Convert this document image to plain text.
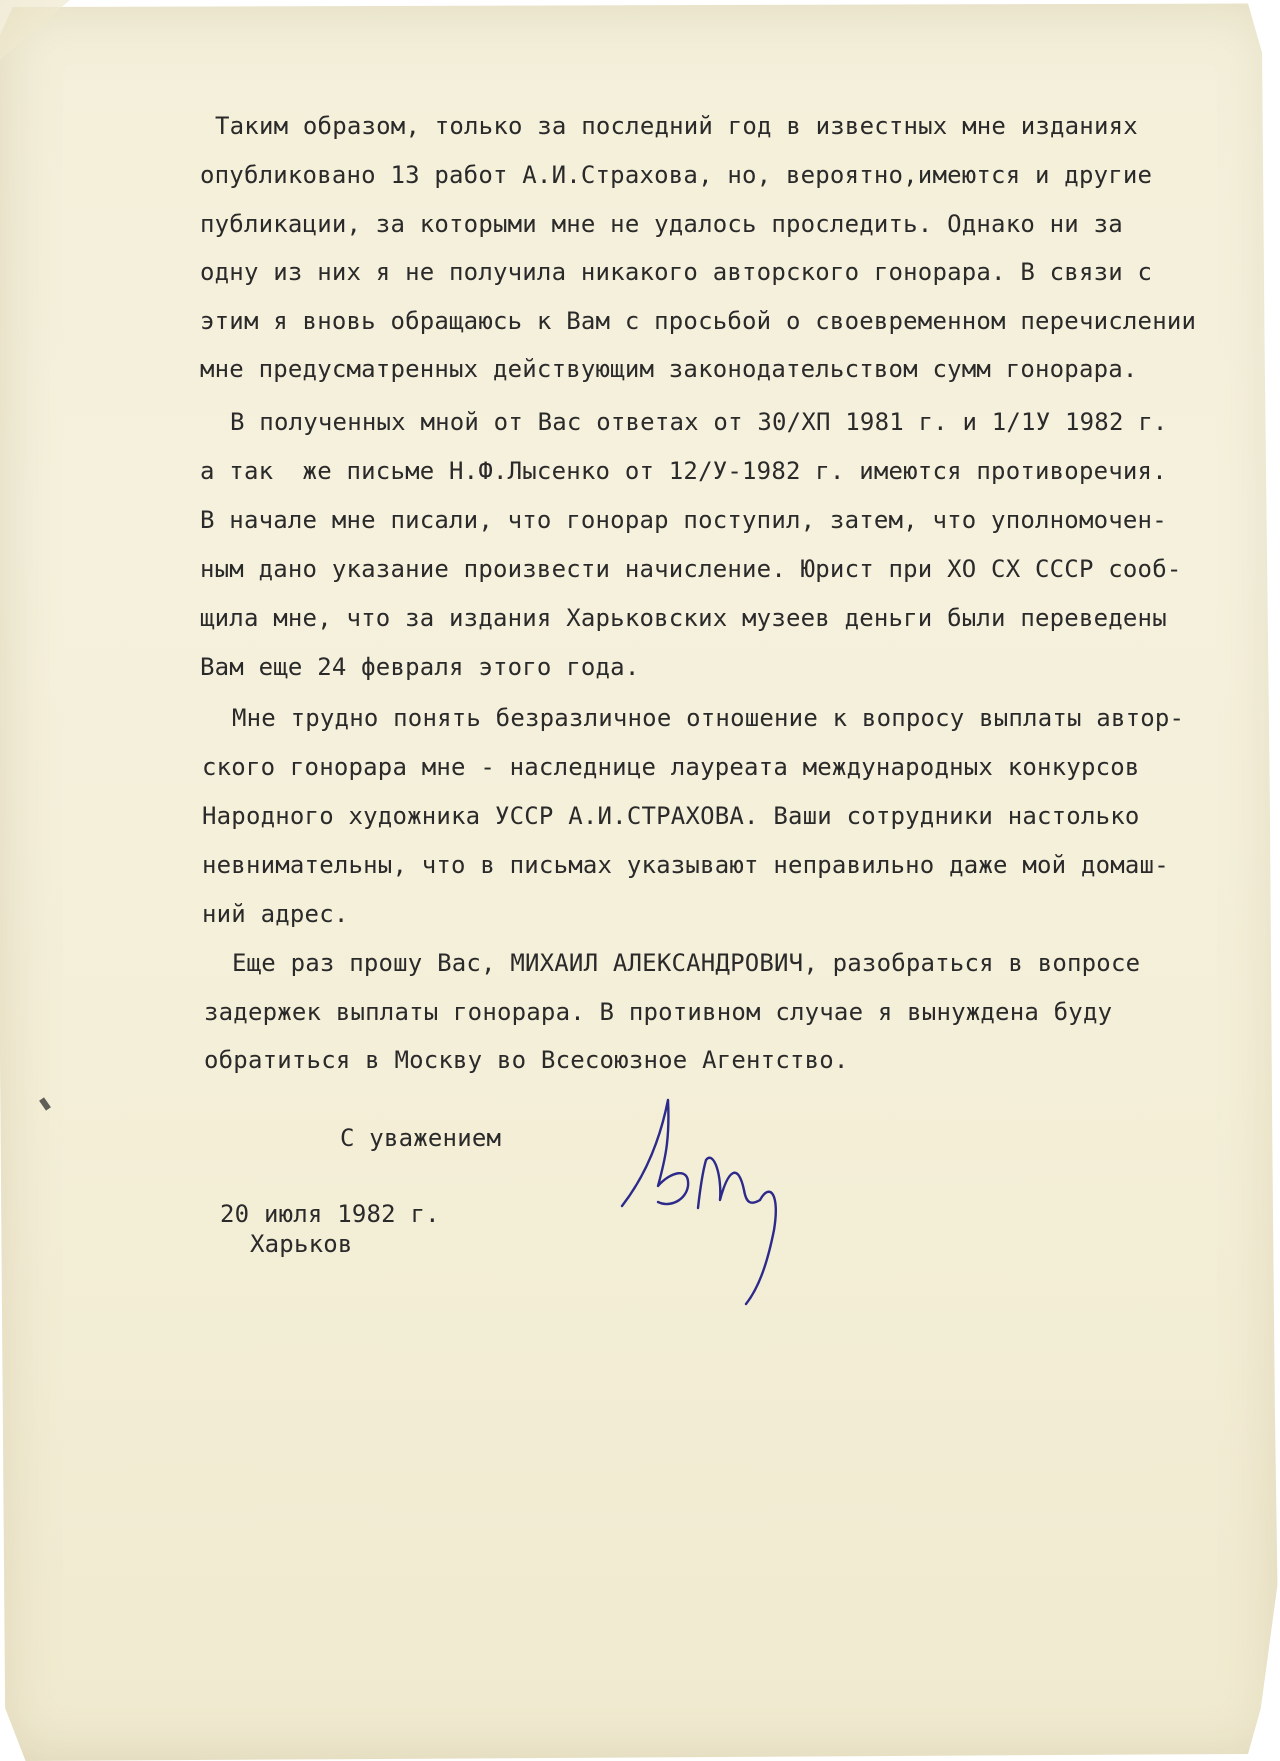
Таким образом, только за последний год в известных мне изданиях
опубликовано 13 работ А.И.Страхова, но, вероятно,имеются и другие
публикации, за которыми мне не удалось проследить. Однако ни за
одну из них я не получила никакого авторского гонорара. В связи с
этим я вновь обращаюсь к Вам с просьбой о своевременном перечислении
мне предусматренных действующим законодательством сумм гонорара.
В полученных мной от Вас ответах от 30/XП 1981 г. и 1/1У 1982 г.
а так  же письме Н.Ф.Лысенко от 12/У-1982 г. имеются противоречия.
В начале мне писали, что гонорар поступил, затем, что уполномочен-
ным дано указание произвести начисление. Юрист при ХО СХ СССР сооб-
щила мне, что за издания Харьковских музеев деньги были переведены
Вам еще 24 февраля этого года.
Мне трудно понять безразличное отношение к вопросу выплаты автор-
ского гонорара мне - наследнице лауреата международных конкурсов
Народного художника УССР А.И.СТРАХОВА. Ваши сотрудники настолько
невнимательны, что в письмах указывают неправильно даже мой домаш-
ний адрес.
Еще раз прошу Вас, МИХАИЛ АЛЕКСАНДРОВИЧ, разобраться в вопросе
задержек выплаты гонорара. В противном случае я вынуждена буду
обратиться в Москву во Всесоюзное Агентство.
С уважением
20 июля 1982 г.
Харьков
